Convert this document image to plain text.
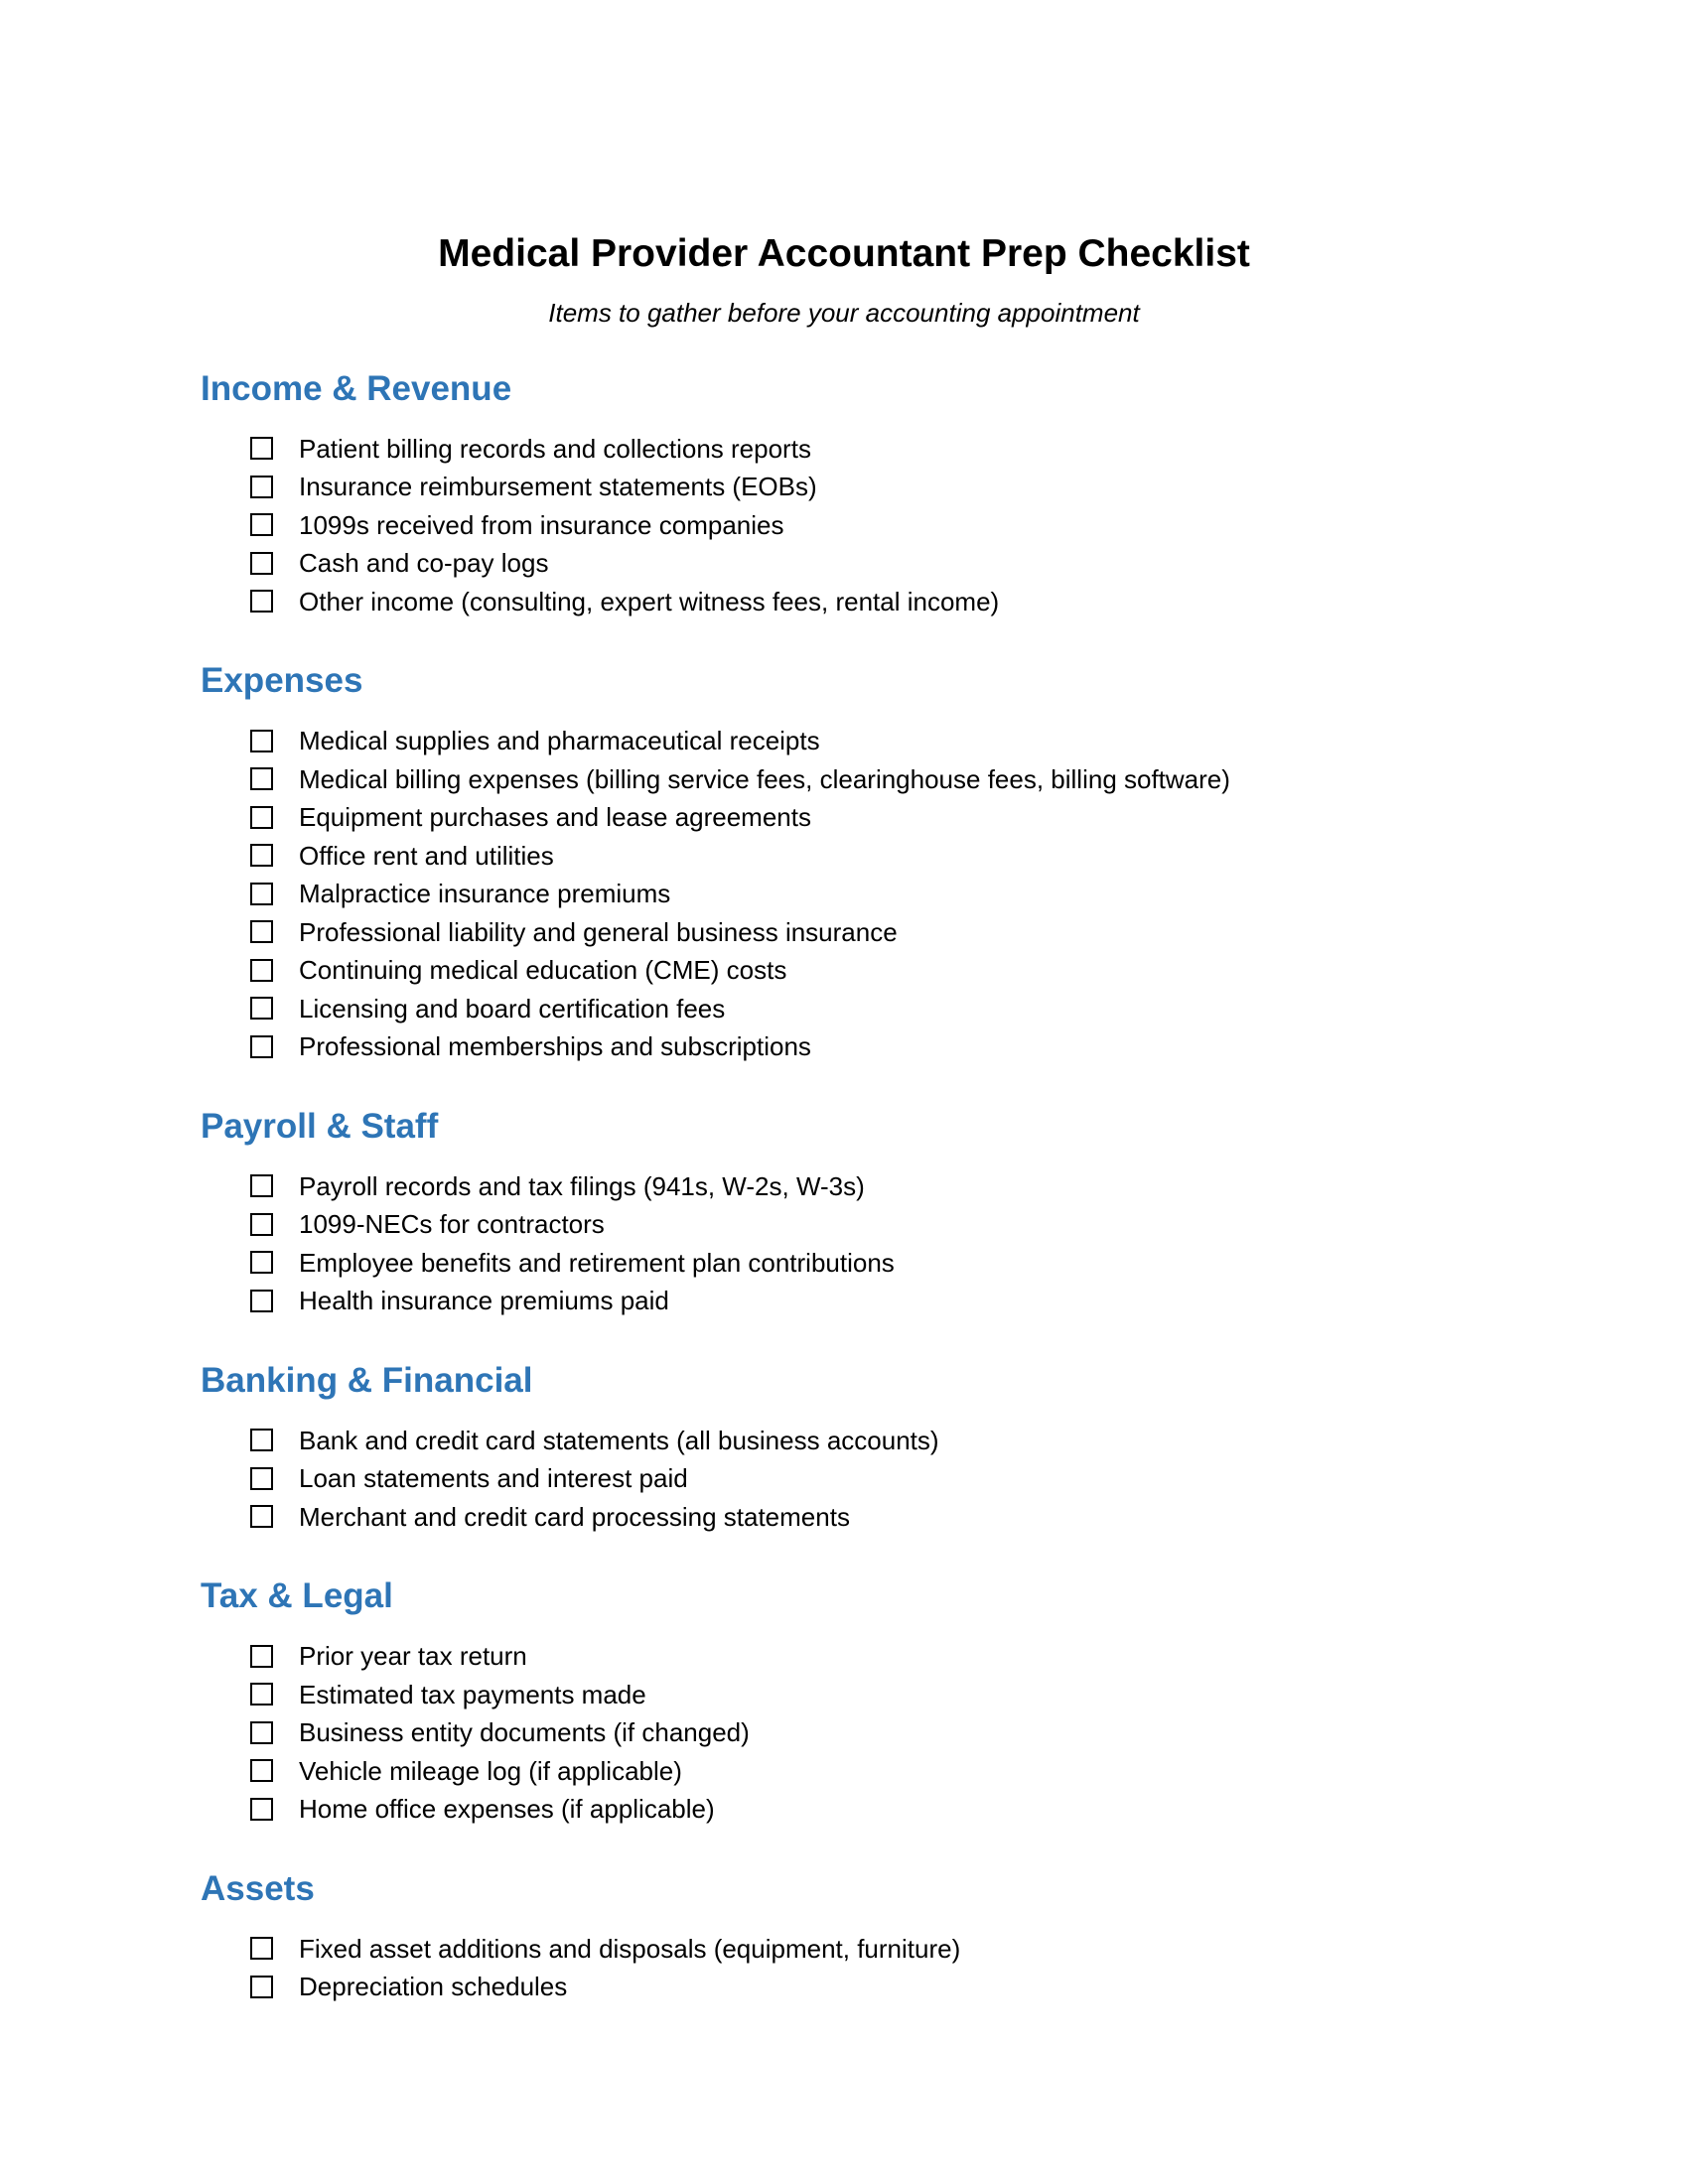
Medical Provider Accountant Prep Checklist

Items to gather before your accounting appointment

Income & Revenue
Patient billing records and collections reports
Insurance reimbursement statements (EOBs)
1099s received from insurance companies
Cash and co-pay logs
Other income (consulting, expert witness fees, rental income)
Expenses
Medical supplies and pharmaceutical receipts
Medical billing expenses (billing service fees, clearinghouse fees, billing software)
Equipment purchases and lease agreements
Office rent and utilities
Malpractice insurance premiums
Professional liability and general business insurance
Continuing medical education (CME) costs
Licensing and board certification fees
Professional memberships and subscriptions
Payroll & Staff
Payroll records and tax filings (941s, W-2s, W-3s)
1099-NECs for contractors
Employee benefits and retirement plan contributions
Health insurance premiums paid
Banking & Financial
Bank and credit card statements (all business accounts)
Loan statements and interest paid
Merchant and credit card processing statements
Tax & Legal
Prior year tax return
Estimated tax payments made
Business entity documents (if changed)
Vehicle mileage log (if applicable)
Home office expenses (if applicable)
Assets
Fixed asset additions and disposals (equipment, furniture)
Depreciation schedules
